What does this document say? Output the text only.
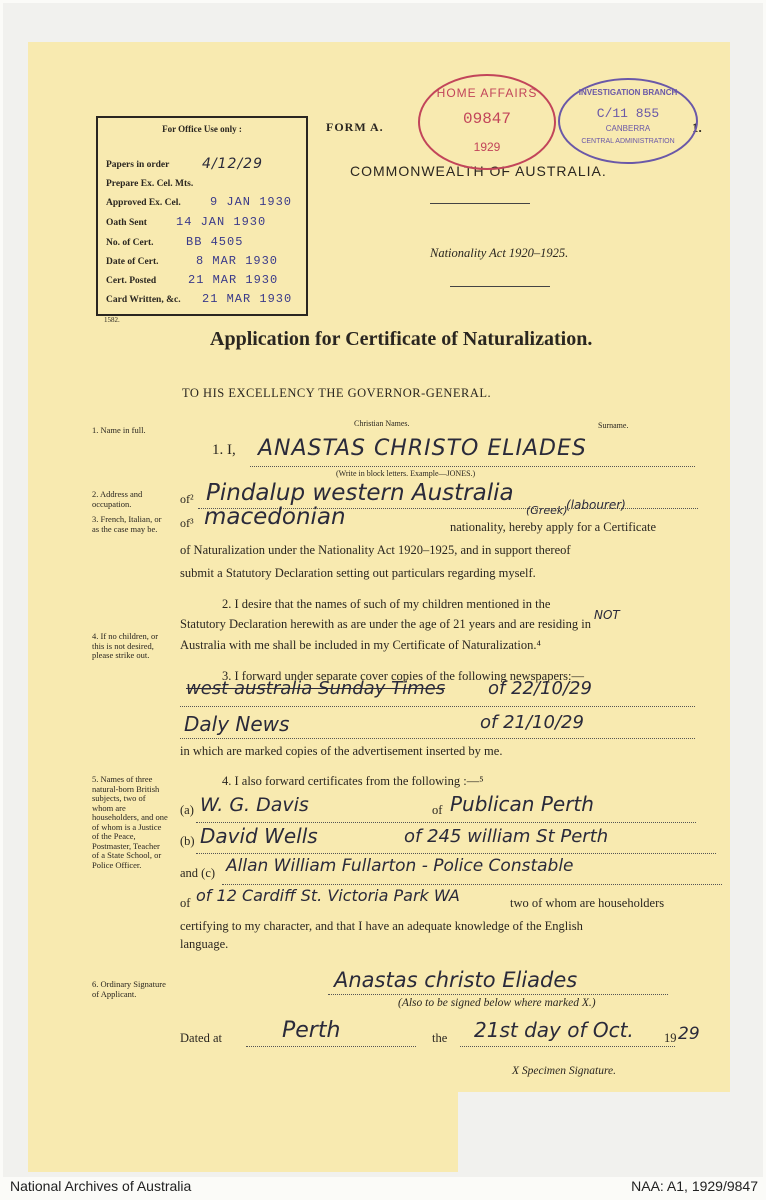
For Office Use only :
Papers in order 4/12/29
Prepare Ex. Cel. Mts.
Approved Ex. Cel. 9 JAN 1930
Oath Sent 14 JAN 1930
No. of Cert.	BB 4505
Date of Cert.	8 MAR 1930
Cert. Posted	21 MAR 1930
Card Written, &c. 21 MAR 1930
1582.
FORM A.	1.
COMMONWEALTH OF AUSTRALIA.
Nationality Act 1920–1925.
HOME AFFAIRS
09847
1929
INVESTIGATION BRANCH
C/11 855
CANBERRA
CENTRAL ADMINISTRATION
Application for Certificate of Naturalization.
TO HIS EXCELLENCY THE GOVERNOR-GENERAL.
1. Name in full.
2. Address and occupation.
3. French, Italian, or as the case may be.
4. If no children, or this is not desired, please strike out.
5. Names of three natural-born British subjects, two of whom are householders, and one of whom is a Justice of the Peace, Postmaster, Teacher of a State School, or Police Officer.
6. Ordinary Signature of Applicant.
Christian Names.	Surname.
1. I, ANASTAS CHRISTO ELIADES
(Write in block letters. Example—JONES.)
of² Pindalup western Australia
(Greek)
(labourer)
of³ macedonian	nationality, hereby apply for a Certificate
of Naturalization under the Nationality Act 1920–1925, and in support thereof
submit a Statutory Declaration setting out particulars regarding myself.
2. I desire that the names of such of my children mentioned in the
Statutory Declaration herewith as are under the age of 21 years and are residing in
NOT
Australia with me shall be included in my Certificate of Naturalization.⁴
3. I forward under separate cover copies of the following newspapers:—
west australia Sunday Times of 22/10/29
Daly News	of 21/10/29
in which are marked copies of the advertisement inserted by me.
4. I also forward certificates from the following :—⁵
(a) W. G. Davis	of Publican Perth
(b) David Wells	of 245 william St Perth
and (c) Allan William Fullarton - Police Constable
of of 12 Cardiff St. Victoria Park WA	two of whom are householders
certifying to my character, and that I have an adequate knowledge of the English
language.
Anastas christo Eliades
(Also to be signed below where marked X.)
Dated at	Perth	the 21st day of Oct. 19 29
X Specimen Signature.
National Archives of Australia	NAA: A1, 1929/9847
